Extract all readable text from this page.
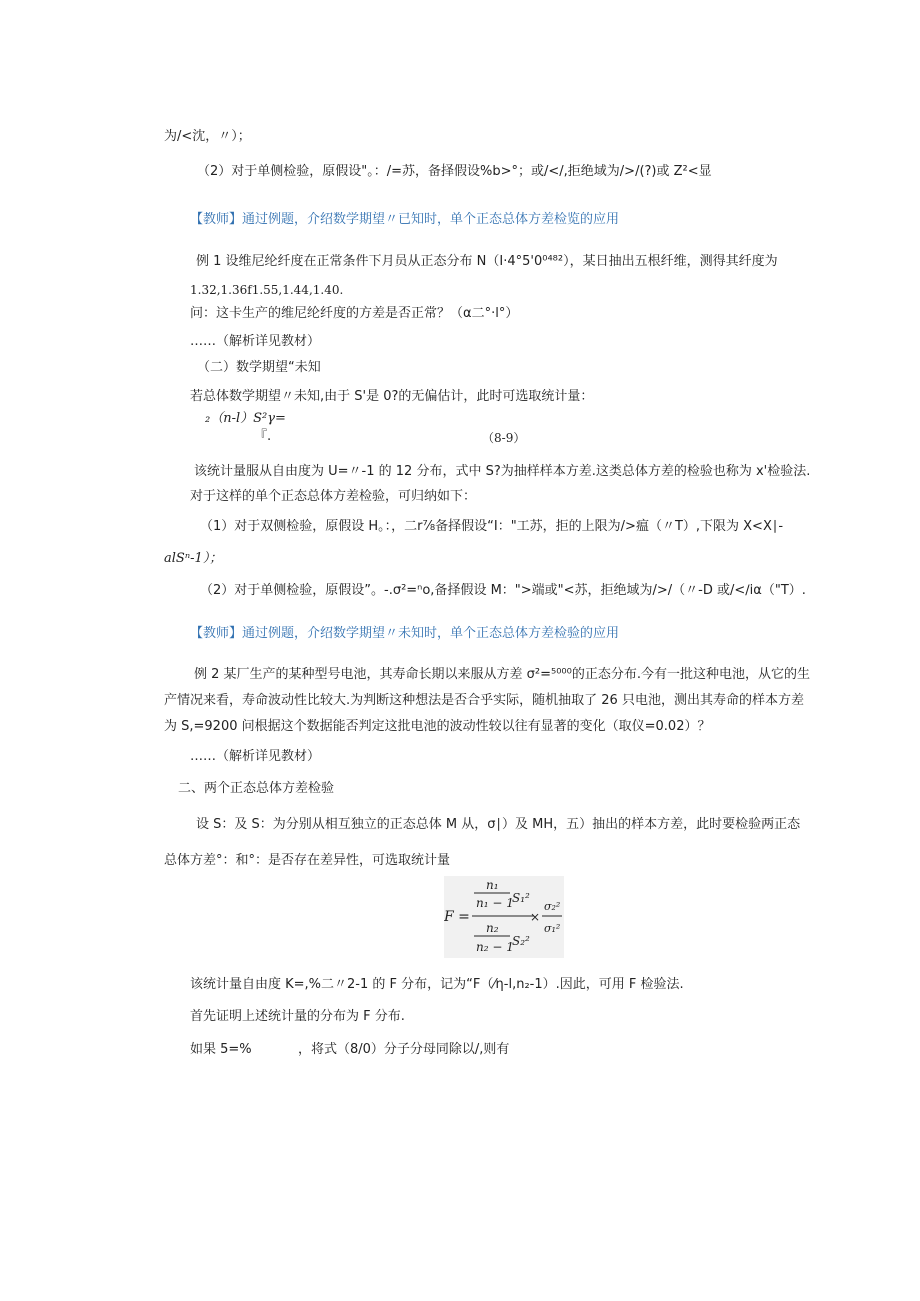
为/<沈，〃）；
（2）对于单侧检验，原假设"。：/=苏，备择假设%b>°；或/</,拒绝域为/>/(?)或 Z²<显
【教师】通过例题，介绍数学期望〃已知时，单个正态总体方差检览的应用
例 1 设维尼纶纤度在正常条件下月员从正态分布 N（I·4°5'0⁰⁴⁸²），某日抽出五根纤维，测得其纤度为
1.32,1.36f1.55,1.44,1.40.
问：这卡生产的维尼纶纤度的方差是否正常？（α二°·l°）
……（解析详见教材）
（二）数学期望“未知
若总体数学期望〃未知,由于 S'是 0?的无偏估计，此时可选取统计量：
₂（n-l）S²γ=
『.	（8-9）
该统计量服从自由度为 U=〃-1 的 12 分布，式中 S?为抽样样本方差.这类总体方差的检验也称为 x'检验法.
对于这样的单个正态总体方差检验，可归纳如下：
（1）对于双侧检验，原假设 H。：，二r⅞备择假设“I："工苏，拒的上限为/>瘟（〃T）,下限为 X<X∣-
alSⁿ-1）；
（2）对于单侧检验，原假设”。-.σ²=ⁿo,备择假设 M：">端或"<苏，拒绝域为/>/（〃-D 或/<∕iα（"T）.
【教师】通过例题，介绍数学期望〃未知时，单个正态总体方差检验的应用
例 2 某厂生产的某种型号电池，其寿命长期以来服从方差 σ²=⁵⁰⁰⁰的正态分布.今有一批这种电池，从它的生
产情况来看，寿命波动性比较大.为判断这种想法是否合乎实际，随机抽取了 26 只电池，测出其寿命的样本方差
为 S,=9200 问根据这个数据能否判定这批电池的波动性较以往有显著的变化（取仪=0.02）？
……（解析详见教材）
二、两个正态总体方差检验
设 S：及 S：为分别从相互独立的正态总体 M 从，σ∣）及 MH，五）抽出的样本方差，此时要检验两正态
总体方差°：和°：是否存在差异性，可选取统计量
F =
n₁
n₁ − 1
S₁²
n₂
n₂ − 1
S₂²
×
σ₂²
σ₁²
该统计量自由度 K=,%二〃2-1 的 F 分布，记为“F（⁄η-l,n₂-1）.因此，可用 F 检验法.
首先证明上述统计量的分布为 F 分布.
如果 5=%	，将式（8/0）分子分母同除以/,则有
